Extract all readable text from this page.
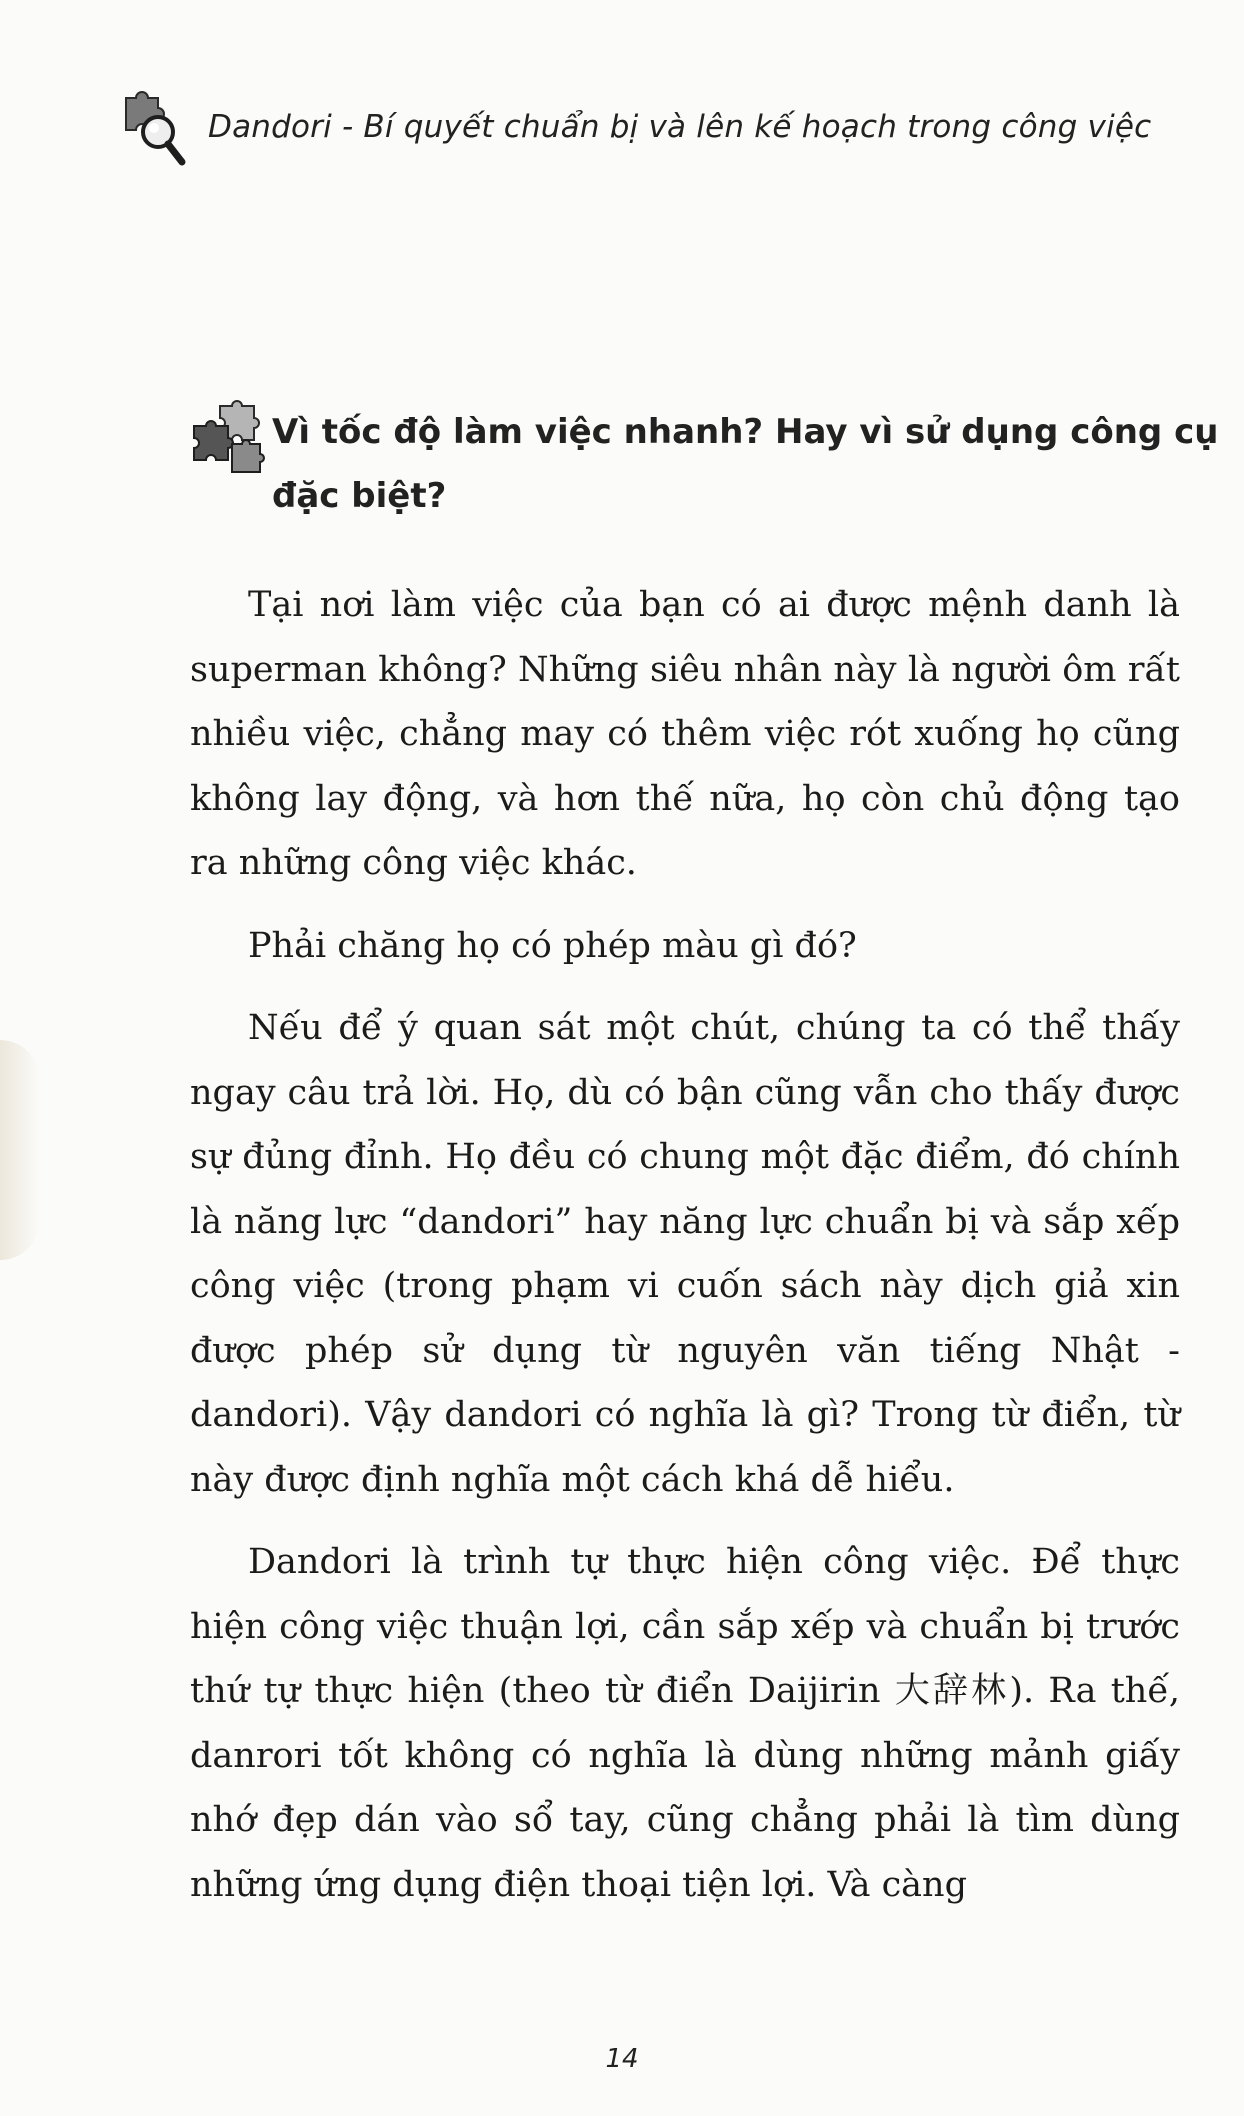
Dandori - Bí quyết chuẩn bị và lên kế hoạch trong công việc
Vì tốc độ làm việc nhanh? Hay vì sử dụng công cụ
đặc biệt?

Tại nơi làm việc của bạn có ai được mệnh danh là superman không? Những siêu nhân này là người ôm rất nhiều việc, chẳng may có thêm việc rót xuống họ cũng không lay động, và hơn thế nữa, họ còn chủ động tạo ra những công việc khác.

Phải chăng họ có phép màu gì đó?

Nếu để ý quan sát một chút, chúng ta có thể thấy ngay câu trả lời. Họ, dù có bận cũng vẫn cho thấy được sự đủng đỉnh. Họ đều có chung một đặc điểm, đó chính là năng lực “dandori” hay năng lực chuẩn bị và sắp xếp công việc (trong phạm vi cuốn sách này dịch giả xin được phép sử dụng từ nguyên văn tiếng Nhật - dandori). Vậy dandori có nghĩa là gì? Trong từ điển, từ này được định nghĩa một cách khá dễ hiểu.

Dandori là trình tự thực hiện công việc. Để thực hiện công việc thuận lợi, cần sắp xếp và chuẩn bị trước thứ tự thực hiện (theo từ điển Daijirin 大辞林). Ra thế, danrori tốt không có nghĩa là dùng những mảnh giấy nhớ đẹp dán vào sổ tay, cũng chẳng phải là tìm dùng những ứng dụng điện thoại tiện lợi. Và càng

14
